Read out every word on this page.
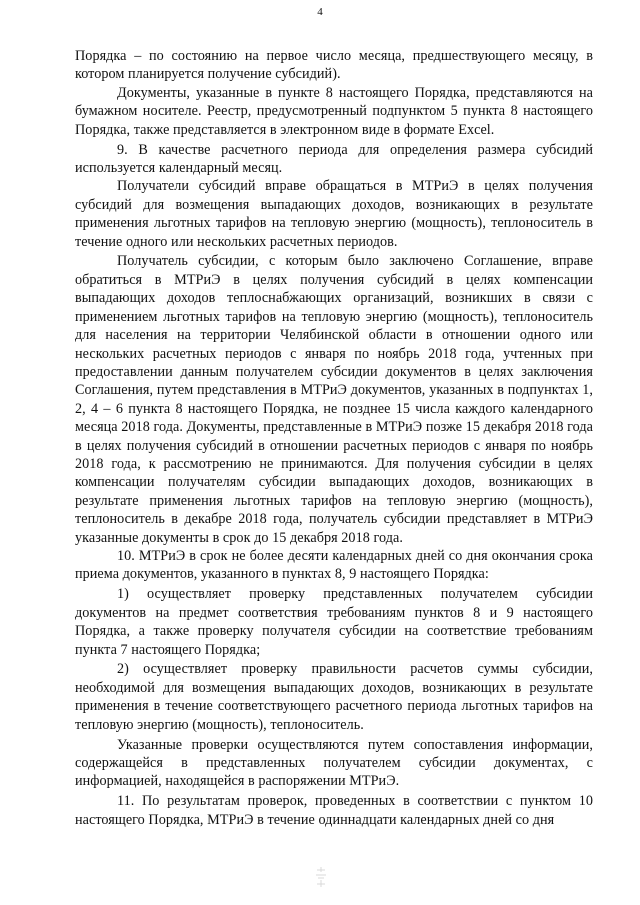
4

Порядка – по состоянию на первое число месяца, предшествующего месяцу, в котором планируется получение субсидий).

Документы, указанные в пункте 8 настоящего Порядка, представляются на бумажном носителе. Реестр, предусмотренный подпунктом 5 пункта 8 настоящего Порядка, также представляется в электронном виде в формате Excel.

9. В качестве расчетного периода для определения размера субсидий используется календарный месяц.

Получатели субсидий вправе обращаться в МТРиЭ в целях получения субсидий для возмещения выпадающих доходов, возникающих в результате применения льготных тарифов на тепловую энергию (мощность), теплоноситель в течение одного или нескольких расчетных периодов.

Получатель субсидии, с которым было заключено Соглашение, вправе обратиться в МТРиЭ в целях получения субсидий в целях компенсации выпадающих доходов теплоснабжающих организаций, возникших в связи с применением льготных тарифов на тепловую энергию (мощность), теплоноситель для населения на территории Челябинской области в отношении одного или нескольких расчетных периодов с января по ноябрь 2018 года, учтенных при предоставлении данным получателем субсидии документов в целях заключения Соглашения, путем представления в МТРиЭ документов, указанных в подпунктах 1, 2, 4 – 6 пункта 8 настоящего Порядка, не позднее 15 числа каждого календарного месяца 2018 года. Документы, представленные в МТРиЭ позже 15 декабря 2018 года в целях получения субсидий в отношении расчетных периодов с января по ноябрь 2018 года, к рассмотрению не принимаются. Для получения субсидии в целях компенсации получателям субсидии выпадающих доходов, возникающих в результате применения льготных тарифов на тепловую энергию (мощность), теплоноситель в декабре 2018 года, получатель субсидии представляет в МТРиЭ указанные документы в срок до 15 декабря 2018 года.

10. МТРиЭ в срок не более десяти календарных дней со дня окончания срока приема документов, указанного в пунктах 8, 9 настоящего Порядка:

1) осуществляет проверку представленных получателем субсидии документов на предмет соответствия требованиям пунктов 8 и 9 настоящего Порядка, а также проверку получателя субсидии на соответствие требованиям пункта 7 настоящего Порядка;

2) осуществляет проверку правильности расчетов суммы субсидии, необходимой для возмещения выпадающих доходов, возникающих в результате применения в течение соответствующего расчетного периода льготных тарифов на тепловую энергию (мощность), теплоноситель.

Указанные проверки осуществляются путем сопоставления информации, содержащейся в представленных получателем субсидии документах, с информацией, находящейся в распоряжении МТРиЭ.

11. По результатам проверок, проведенных в соответствии с пунктом 10 настоящего Порядка, МТРиЭ в течение одиннадцати календарных дней со дня
